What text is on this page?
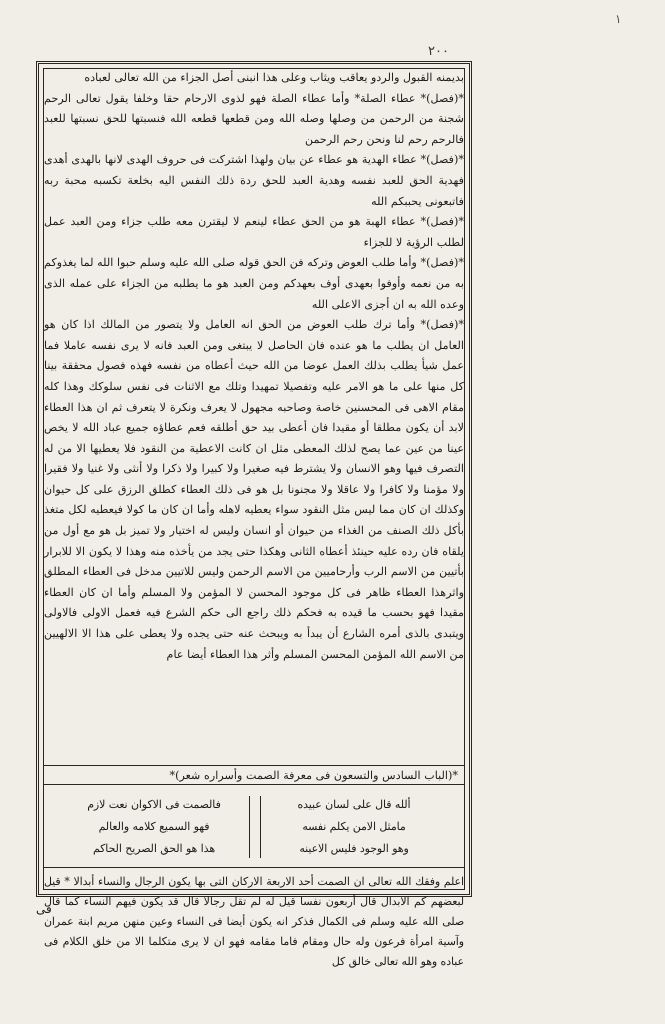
١
٢٠٠

بديمنه القبول والردو يعاقب ويثاب وعلى هذا انبنى أصل الجزاء من الله تعالى لعباده

*(فصل)* عطاء الصلة* وأما عطاء الصلة فهو لذوى الارحام حقا وخلفا يقول تعالى الرحم شجنة من الرحمن من وصلها وصله الله ومن قطعها قطعه الله فنسبتها للحق نسبتها للعبد فالرحم رحم لنا ونحن رحم الرحمن

*(فصل)* عطاء الهدية هو عطاء عن بيان ولهذا اشتركت فى حروف الهدى لانها بالهدى أهدى فهدية الحق للعبد نفسه وهدية العبد للحق ردة ذلك النفس اليه بخلعة تكسبه محبة ربه فاتبعونى يحببكم الله

*(فصل)* عطاء الهبة هو من الحق عطاء لينعم لا ليقترن معه طلب جزاء ومن العبد عمل لطلب الرؤية لا للجزاء

*(فصل)* وأما طلب العوض وتركه فن الحق قوله صلى الله عليه وسلم حبوا الله لما يغذوكم به من نعمه وأوفوا بعهدى أوف بعهدكم ومن العبد هو ما يطلبه من الجزاء على عمله الذى وعده الله به ان أجزى الاعلى الله

*(فصل)* وأما ترك طلب العوض من الحق انه العامل ولا يتصور من المالك اذا كان هو العامل ان يطلب ما هو عنده فان الحاصل لا يبتغى ومن العبد فانه لا يرى نفسه عاملا فما عمل شيأ يطلب بذلك العمل عوضا من الله حيث أعطاه من نفسه فهذه فصول محققة بينا كل منها على ما هو الامر عليه وتفصيلا تمهيدا وتلك مع الاثنات فى نفس سلوكك وهذا كله مقام الاهى فى المحسنين خاصة وصاحبه مجهول لا يعرف ونكرة لا يتعرف ثم ان هذا العطاء لابد أن يكون مطلقا أو مقيدا فان أعطى بيد حق أطلقه فعم عطاؤه جميع عباد الله لا يخص عينا من عين عما يصح لذلك المعطى مثل ان كانت الاعطية من النقود فلا يعطيها الا من له التصرف فيها وهو الانسان ولا يشترط فيه صغيرا ولا كبيرا ولا ذكرا ولا أنثى ولا غنيا ولا فقيرا ولا مؤمنا ولا كافرا ولا عاقلا ولا مجنونا بل هو فى ذلك العطاء كطلق الرزق على كل حيوان وكذلك ان كان مما ليس مثل النقود سواء يعطيه لاهله وأما ان كان ما كولا فيعطيه لكل متغذ بأكل ذلك الصنف من الغذاء من حيوان أو انسان وليس له اختيار ولا تميز بل هو مع أول من يلقاه فان رده عليه حينئذ أعطاه الثانى وهكذا حتى يجد من يأخذه منه وهذا لا يكون الا للابرار بأتيين من الاسم الرب وأرحاميين من الاسم الرحمن وليس للاتيين مدخل فى العطاء المطلق واثرهذا العطاء ظاهر فى كل موجود المحسن لا المؤمن ولا المسلم وأما ان كان العطاء مقيدا فهو بحسب ما قيده به فحكم ذلك راجع الى حكم الشرع فيه فعمل الاولى فالاولى ويتبدى بالذى أمره الشارع أن يبدأ به ويبحث عنه حتى يجده ولا يعطى على هذا الا الالهيين من الاسم الله المؤمن المحسن المسلم وأثر هذا العطاء أيضا عام

*(الباب السادس والتسعون فى معرفة الصمت وأسراره شعر)*
ألله قال على لسان عبيده
مامثل الامن يكلم نفسه
وهو الوجود فليس الاعينه
فالصمت فى الاكوان نعت لازم
فهو السميع كلامه والعالم
هذا هو الحق الصريح الحاكم
اعلم وفقك الله تعالى ان الصمت أحد الاربعة الاركان التى بها يكون الرجال والنساء أبدالا * قيل لبعضهم كم الابدال قال أربعون نفسا قيل له لم تقل رجالا قال قد يكون فيهم النساء كما قال صلى الله عليه وسلم فى الكمال فذكر انه يكون أيضا فى النساء وعين منهن مريم ابنة عمران وآسية امرأة فرعون وله حال ومقام فاما مقامه فهو ان لا يرى متكلما الا من خلق الكلام فى عباده وهو الله تعالى خالق كل
فى
